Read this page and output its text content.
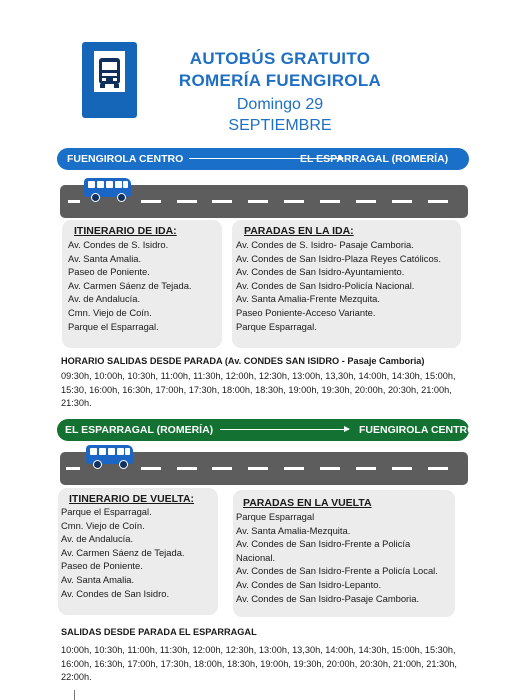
AUTOBÚS GRATUITO
ROMERÍA FUENGIROLA
Domingo 29
SEPTIEMBRE
FUENGIROLA CENTRO	EL ESPARRAGAL (ROMERÍA)
ITINERARIO DE IDA:
Av. Condes de S. Isidro.
Av. Santa Amalia.
Paseo de Poniente.
Av. Carmen Sáenz de Tejada.
Av. de Andalucía.
Cmn. Viejo de Coín.
Parque el Esparragal.
PARADAS EN LA IDA:
Av. Condes de S. Isidro- Pasaje Camboria.
Av. Condes de San Isidro-Plaza Reyes Católicos.
Av. Condes de San Isidro-Ayuntamiento.
Av. Condes de San Isidro-Policía Nacional.
Av. Santa Amalia-Frente Mezquita.
Paseo Poniente-Acceso Variante.
Parque Esparragal.
HORARIO SALIDAS DESDE PARADA (Av. CONDES SAN ISIDRO - Pasaje Camboria)
09:30h, 10:00h, 10:30h, 11:00h, 11:30h, 12:00h, 12:30h, 13:00h, 13,30h, 14:00h, 14:30h, 15:00h,
15:30, 16:00h, 16:30h, 17:00h, 17:30h, 18:00h, 18:30h, 19:00h, 19:30h, 20:00h, 20:30h, 21:00h,
21:30h.
EL ESPARRAGAL (ROMERÍA)	FUENGIROLA CENTRO
ITINERARIO DE VUELTA:
Parque el Esparragal.
Cmn. Viejo de Coín.
Av. de Andalucía.
Av. Carmen Sáenz de Tejada.
Paseo de Poniente.
Av. Santa Amalia.
Av. Condes de San Isidro.
PARADAS EN LA VUELTA
Parque Esparragal
Av. Santa Amalia-Mezquita.
Av. Condes de San Isidro-Frente a Policía
Nacional.
Av. Condes de San Isidro-Frente a Policía Local.
Av. Condes de San Isidro-Lepanto.
Av. Condes de San Isidro-Pasaje Camboria.
SALIDAS DESDE PARADA EL ESPARRAGAL
10:00h, 10:30h, 11:00h, 11:30h, 12:00h, 12:30h, 13:00h, 13,30h, 14:00h, 14:30h, 15:00h, 15:30h,
16:00h, 16:30h, 17:00h, 17:30h, 18:00h, 18:30h, 19:00h, 19:30h, 20:00h, 20:30h, 21:00h, 21:30h,
22:00h.
